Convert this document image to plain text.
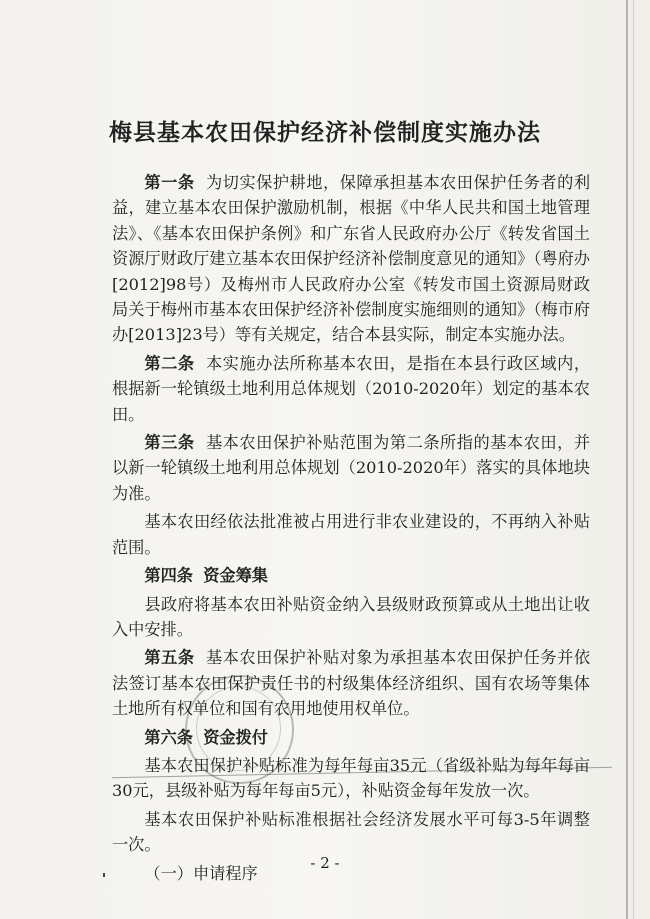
梅县基本农田保护经济补偿制度实施办法

第一条 为切实保护耕地，保障承担基本农田保护任务者的利益，建立基本农田保护激励机制，根据《中华人民共和国土地管理法》、《基本农田保护条例》和广东省人民政府办公厅《转发省国土资源厅财政厅建立基本农田保护经济补偿制度意见的通知》（粤府办[2012]98号）及梅州市人民政府办公室《转发市国土资源局财政局关于梅州市基本农田保护经济补偿制度实施细则的通知》（梅市府办[2013]23号）等有关规定，结合本县实际，制定本实施办法。

第二条 本实施办法所称基本农田，是指在本县行政区域内，根据新一轮镇级土地利用总体规划（2010-2020年）划定的基本农田。

第三条 基本农田保护补贴范围为第二条所指的基本农田，并以新一轮镇级土地利用总体规划（2010-2020年）落实的具体地块为准。

基本农田经依法批准被占用进行非农业建设的，不再纳入补贴范围。

第四条 资金筹集

县政府将基本农田补贴资金纳入县级财政预算或从土地出让收入中安排。

第五条 基本农田保护补贴对象为承担基本农田保护任务并依法签订基本农田保护责任书的村级集体经济组织、国有农场等集体土地所有权单位和国有农用地使用权单位。

第六条 资金拨付

基本农田保护补贴标准为每年每亩35元（省级补贴为每年每亩30元，县级补贴为每年每亩5元），补贴资金每年发放一次。

基本农田保护补贴标准根据社会经济发展水平可每3-5年调整一次。

（一）申请程序

- 2 -
